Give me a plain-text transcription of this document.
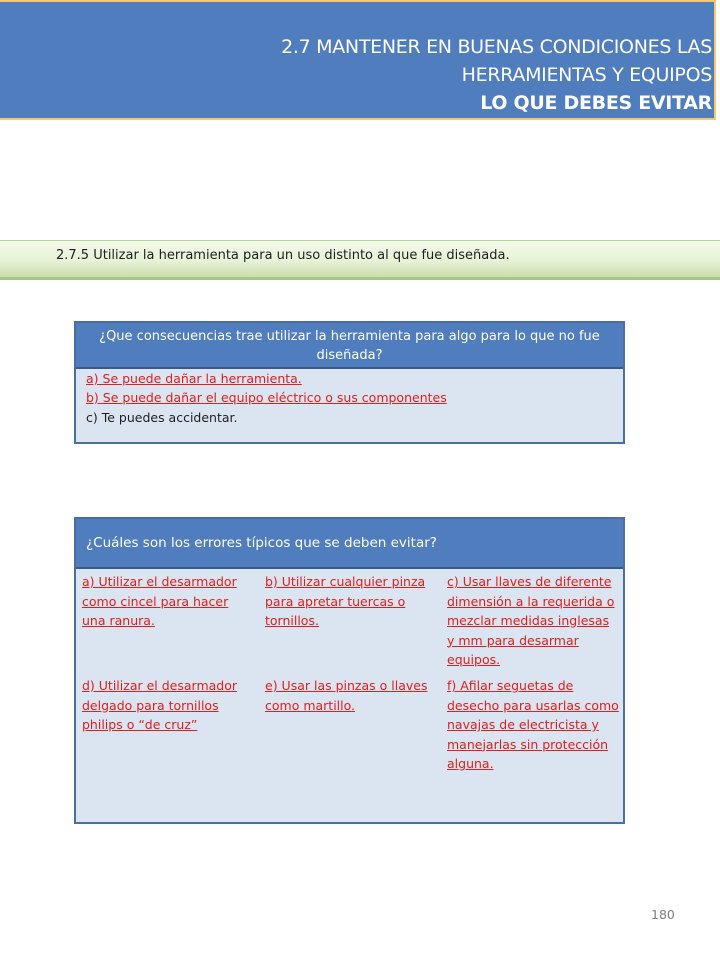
2.7 MANTENER EN BUENAS CONDICIONES LAS
HERRAMIENTAS Y EQUIPOS
LO QUE DEBES EVITAR
2.7.5 Utilizar la herramienta para un uso distinto al que fue diseñada.
¿Que consecuencias trae utilizar la herramienta para algo para lo que no fue diseñada?
a) Se puede dañar la herramienta.
b) Se puede dañar el equipo eléctrico o sus componentes
c) Te puedes accidentar.
¿Cuáles son los errores típicos que se deben evitar?
a) Utilizar el desarmador como cincel para hacer una ranura.
b) Utilizar cualquier pinza para apretar tuercas o tornillos.
c) Usar llaves de diferente dimensión a la requerida o mezclar medidas inglesas y mm para desarmar equipos.
d) Utilizar el desarmador delgado para tornillos philips o “de cruz”
e) Usar las pinzas o llaves como martillo.
f) Afilar seguetas de desecho para usarlas como navajas de electricista y manejarlas sin protección alguna.
180
